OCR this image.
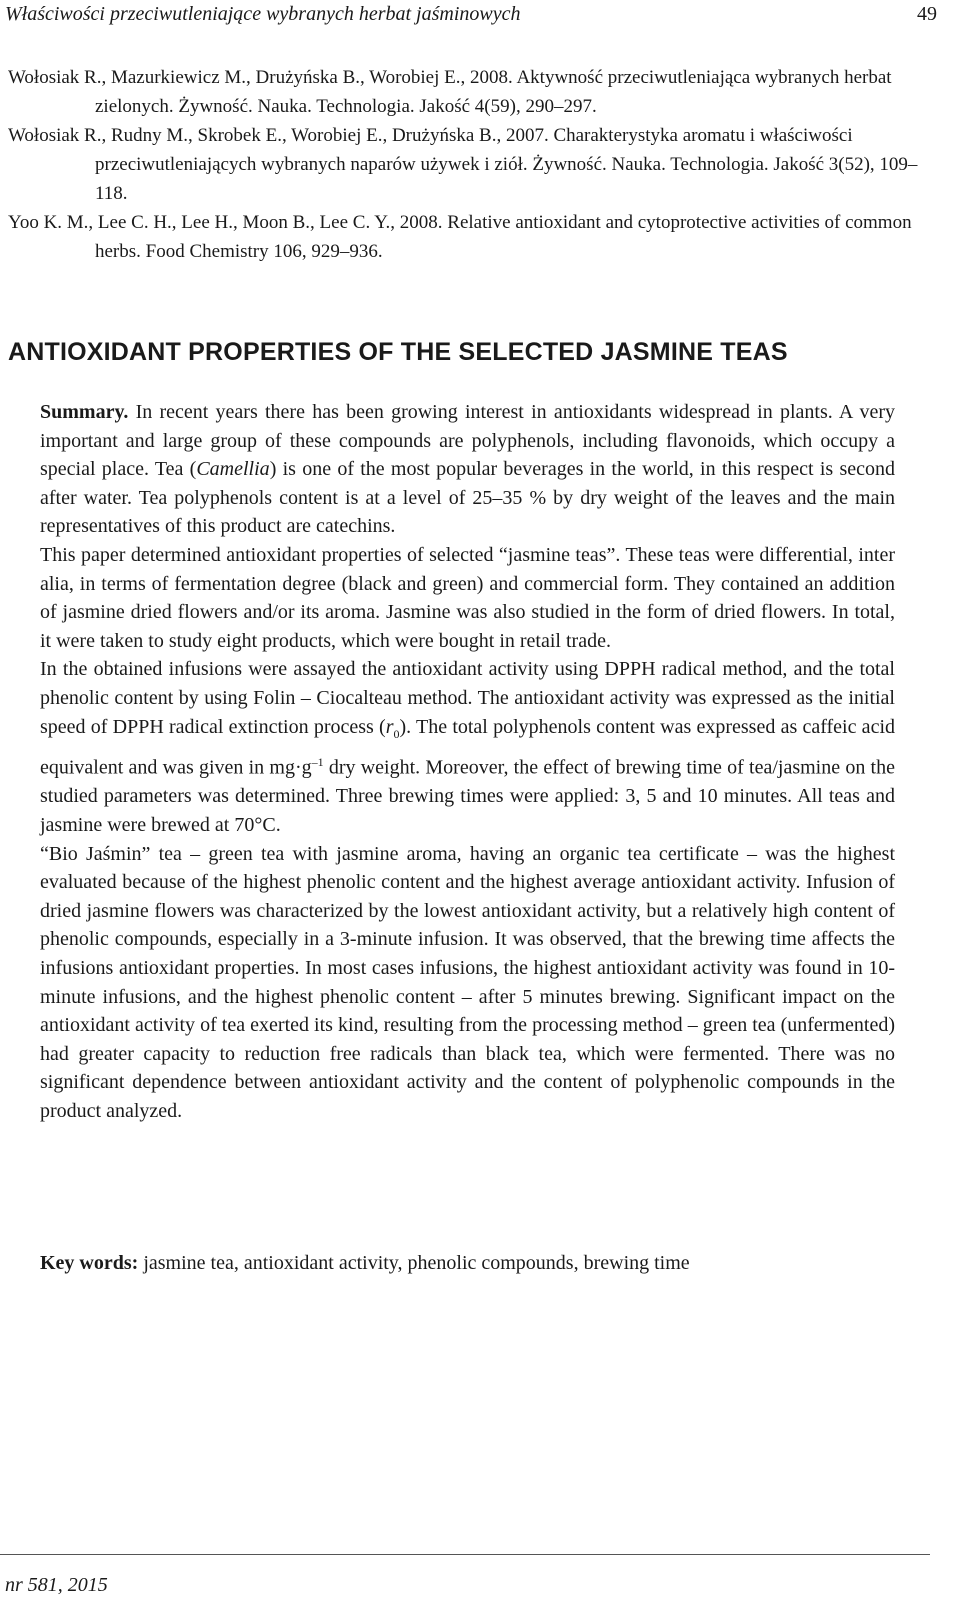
Właściwości przeciwutleniające wybranych herbat jaśminowych	49

Wołosiak R., Mazurkiewicz M., Drużyńska B., Worobiej E., 2008. Aktywność przeciwutleniająca wybranych herbat zielonych. Żywność. Nauka. Technologia. Jakość 4(59), 290–297.

Wołosiak R., Rudny M., Skrobek E., Worobiej E., Drużyńska B., 2007. Charakterystyka aromatu i właściwości przeciwutleniających wybranych naparów używek i ziół. Żywność. Nauka. Technologia. Jakość 3(52), 109–118.

Yoo K. M., Lee C. H., Lee H., Moon B., Lee C. Y., 2008. Relative antioxidant and cytoprotective activities of common herbs. Food Chemistry 106, 929–936.

ANTIOXIDANT PROPERTIES OF THE SELECTED JASMINE TEAS

Summary. In recent years there has been growing interest in antioxidants widespread in plants. A very important and large group of these compounds are polyphenols, including flavonoids, which occupy a special place. Tea (Camellia) is one of the most popular beverages in the world, in this respect is second after water. Tea polyphenols content is at a level of 25–35 % by dry weight of the leaves and the main representatives of this product are catechins.

This paper determined antioxidant properties of selected “jasmine teas”. These teas were differential, inter alia, in terms of fermentation degree (black and green) and commercial form. They contained an addition of jasmine dried flowers and/or its aroma. Jasmine was also studied in the form of dried flowers. In total, it were taken to study eight products, which were bought in retail trade.

In the obtained infusions were assayed the antioxidant activity using DPPH radical method, and the total phenolic content by using Folin – Ciocalteau method. The antioxidant activity was expressed as the initial speed of DPPH radical extinction process $(r_0)$. The total polyphenols content was expressed as caffeic acid equivalent and was given in $mg\cdot g^{-1}$ dry weight. Moreover, the effect of brewing time of tea/jasmine on the studied parameters was determined. Three brewing times were applied: 3, 5 and 10 minutes. All teas and jasmine were brewed at 70°C.

“Bio Jaśmin” tea – green tea with jasmine aroma, having an organic tea certificate – was the highest evaluated because of the highest phenolic content and the highest average antioxidant activity. Infusion of dried jasmine flowers was characterized by the lowest antioxidant activity, but a relatively high content of phenolic compounds, especially in a 3-minute infusion. It was observed, that the brewing time affects the infusions antioxidant properties. In most cases infusions, the highest antioxidant activity was found in 10-minute infusions, and the highest phenolic content – after 5 minutes brewing. Significant impact on the antioxidant activity of tea exerted its kind, resulting from the processing method – green tea (unfermented) had greater capacity to reduction free radicals than black tea, which were fermented. There was no significant dependence between antioxidant activity and the content of polyphenolic compounds in the product analyzed.

Key words: jasmine tea, antioxidant activity, phenolic compounds, brewing time
nr 581, 2015
